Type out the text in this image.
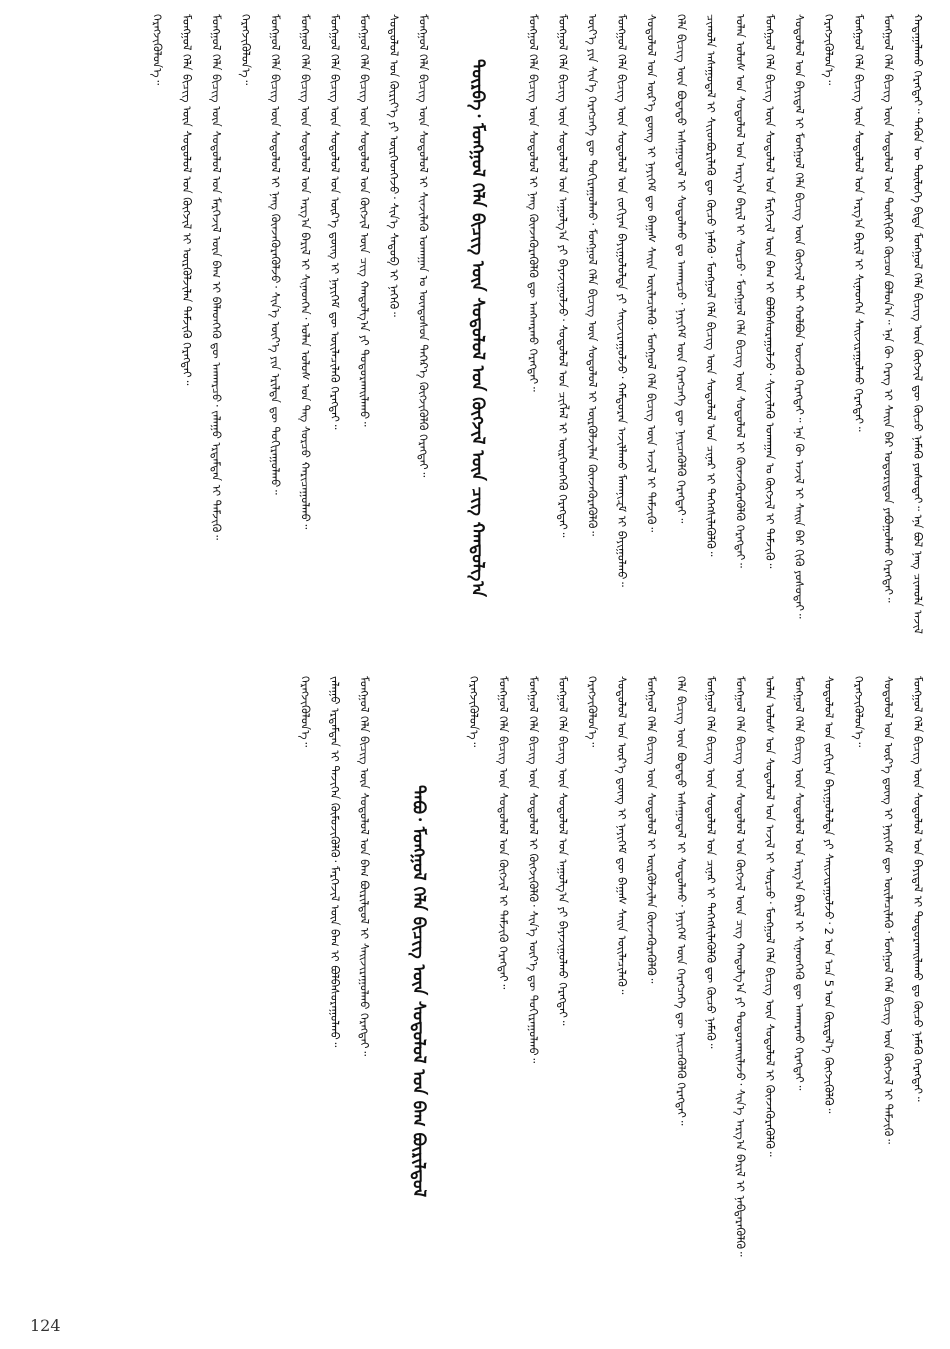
ᠬᠠᠳᠠᠭᠠᠯᠠᠬᠤ ᠬᠡᠷᠡᠭᠲᠡᠢ᠃ ᠲᠡᠭᠦᠨ ᠦ ᠲᠥᠯᠥᠭᠡ ᠪᠢᠳᠡ ᠮᠣᠩᠭᠣᠯ ᠬᠡᠯᠡ ᠪᠢᠴᠢᠭ ᠦᠨ ᠬᠥᠭᠵᠢᠯ ᠳᠦ ᠬᠦᠴᠦ ᠨᠡᠮᠡᠬᠦ ᠶᠣᠰᠣᠲᠠᠢ᠃ ᠡᠨᠡ ᠪᠣᠯ ᠨᠡᠩ ᠴᠢᠬᠤᠯᠠ ᠠᠵᠢᠯ
ᠮᠣᠩᠭᠣᠯ ᠬᠡᠯᠡ ᠪᠢᠴᠢᠭ ᠦᠨ ᠰᠤᠳᠤᠯᠤᠯ ᠤᠨ ᠲᠦᠯᠬᠢᠭᠦᠷ ᠬᠦᠴᠦᠨ ᠪᠣᠯᠤᠨ᠎ᠠ᠃ ᠡᠨᠡ ᠬᠦ ᠬᠡᠷᠡᠭ ᠢ ᠰᠠᠢᠨ ᠪᠡᠷ ᠤᠳᠤᠷᠢᠳᠤᠨ ᠶᠠᠪᠤᠭᠤᠯᠬᠤ ᠬᠡᠷᠡᠭᠲᠡᠢ᠃
ᠮᠣᠩᠭᠣᠯ ᠬᠡᠯᠡ ᠪᠢᠴᠢᠭ ᠦᠨ ᠰᠤᠳᠤᠯᠤᠯ ᠤᠨ ᠠᠷᠭ᠎ᠠ ᠪᠠᠷᠢᠯ ᠢ ᠰᠢᠨᠡᠳᠬᠡᠨ ᠰᠠᠢᠵᠢᠷᠠᠭᠤᠯᠬᠤ ᠬᠡᠷᠡᠭᠲᠡᠢ᠃
ᠬᠡᠷᠡᠭᠵᠢᠭᠦᠯᠦᠨ᠎ᠡ᠃
ᠰᠤᠳᠤᠯᠤᠯ ᠤᠨ ᠪᠠᠶᠢᠳᠠᠯ ᠢ ᠮᠣᠩᠭᠣᠯ ᠬᠡᠯᠡ ᠪᠢᠴᠢᠭ ᠦᠨ ᠬᠥᠭᠵᠢᠯ ᠲᠡᠢ ᠬᠣᠯᠪᠣᠨ ᠦᠵᠡᠬᠦ ᠬᠡᠷᠡᠭᠲᠡᠢ᠃ ᠡᠨᠡ ᠬᠦ ᠠᠵᠢᠯ ᠢ ᠰᠠᠢᠨ ᠪᠡᠷ ᠬᠢᠬᠦ ᠶᠣᠰᠣᠲᠠᠢ᠃
ᠮᠣᠩᠭᠣᠯ ᠬᠡᠯᠡ ᠪᠢᠴᠢᠭ ᠦᠨ ᠰᠤᠳᠤᠯᠤᠯ ᠤᠨ ᠮᠡᠷᠭᠡᠵᠢᠯ ᠦᠨ ᠪᠠᠭ ᠢ ᠪᠣᠯᠪᠠᠰᠤᠷᠠᠭᠤᠯᠵᠤ᠂ ᠰᠢᠨᠵᠢᠯᠡᠬᠦ ᠤᠬᠠᠭᠠᠨ ᠤ ᠬᠥᠭᠵᠢᠯ ᠢ ᠳᠡᠮᠵᠢᠬᠦ᠃
ᠣᠯᠠᠨ ᠤᠯᠤᠰ ᠤᠨ ᠰᠤᠳᠤᠯᠤᠯ ᠤᠨ ᠠᠷᠭ᠎ᠠ ᠪᠠᠷᠢᠯ ᠢ ᠰᠤᠷᠴᠤ᠂ ᠮᠣᠩᠭᠣᠯ ᠬᠡᠯᠡ ᠪᠢᠴᠢᠭ ᠦᠨ ᠰᠤᠳᠤᠯᠤᠯ ᠢ ᠭᠦᠨᠵᠡᠭᠦᠷᠡᠭᠦᠯᠬᠦ ᠬᠡᠷᠡᠭᠲᠡᠢ᠃
ᠴᠢᠬᠤᠯᠠ ᠠᠰᠠᠭᠤᠳᠠᠯ ᠢ ᠰᠢᠢᠳᠪᠦᠷᠢᠯᠡᠬᠦ ᠳᠦ ᠬᠦᠴᠦ ᠨᠡᠮᠡᠬᠦ᠂ ᠮᠣᠩᠭᠣᠯ ᠬᠡᠯᠡ ᠪᠢᠴᠢᠭ ᠦᠨ ᠰᠤᠳᠤᠯᠤᠯ ᠤᠨ ᠴᠢᠨᠠᠷ ᠢ ᠳᠡᠭᠡᠭᠰᠢᠯᠡᠭᠦᠯᠬᠦ᠃
ᠬᠡᠯᠡ ᠪᠢᠴᠢᠭ ᠦᠨ ᠪᠣᠳᠠᠲᠤ ᠠᠰᠠᠭᠤᠳᠠᠯ ᠢ ᠰᠤᠳᠤᠯᠬᠤ ᠳᠤ ᠠᠨᠬᠠᠷᠴᠤ᠂ ᠨᠡᠶᠢᠭᠡᠮ ᠦᠨ ᠬᠡᠷᠡᠭᠴᠡᠭᠡ ᠳᠦ ᠨᠡᠢᠴᠡᠭᠦᠯᠬᠦ ᠬᠡᠷᠡᠭᠲᠡᠢ᠃
ᠰᠤᠳᠤᠯᠤᠯ ᠤᠨ ᠦᠷ᠎ᠡ ᠳ᠋ᠦᠩ ᠢ ᠨᠡᠶᠢᠭᠡᠮ ᠳᠦ ᠪᠠᠭᠠᠰ ᠰᠠᠢᠨ ᠦᠢᠯᠡᠴᠢᠯᠡᠬᠦ᠂ ᠮᠣᠩᠭᠣᠯ ᠬᠡᠯᠡ ᠪᠢᠴᠢᠭ ᠦᠨ ᠠᠵᠢᠯ ᠢ ᠳᠡᠮᠵᠢᠬᠦ᠃
ᠮᠣᠩᠭᠣᠯ ᠬᠡᠯᠡ ᠪᠢᠴᠢᠭ ᠦᠨ ᠰᠤᠳᠤᠯᠤᠯ ᠤᠨ ᠵᠣᠬᠢᠶᠠᠨ ᠪᠠᠶᠢᠭᠤᠯᠤᠯᠲᠠ ᠶᠢ ᠰᠠᠢᠵᠢᠷᠠᠭᠤᠯᠵᠤ᠂ ᠬᠠᠮᠲᠤᠷᠠᠨ ᠠᠵᠢᠯᠯᠠᠬᠤ ᠮᠡᠬᠠᠨᠢᠽᠮ ᠢ ᠪᠠᠶᠢᠭᠤᠯᠬᠤ᠃
ᠦᠶ᠎ᠡ ᠶᠢᠨ ᠰᠢᠨ᠎ᠡ ᠬᠡᠷᠡᠭᠴᠡᠭᠡ ᠳᠦ ᠲᠣᠬᠢᠷᠠᠭᠤᠯᠬᠤ᠂ ᠮᠣᠩᠭᠣᠯ ᠬᠡᠯᠡ ᠪᠢᠴᠢᠭ ᠦᠨ ᠰᠤᠳᠤᠯᠤᠯ ᠢ ᠦᠷᠭᠦᠯᠵᠢᠯᠡᠨ ᠭᠦᠨᠵᠡᠭᠦᠷᠡᠭᠦᠯᠬᠦ᠃
ᠮᠣᠩᠭᠣᠯ ᠬᠡᠯᠡ ᠪᠢᠴᠢᠭ ᠦᠨ ᠰᠤᠳᠤᠯᠤᠯ ᠤᠨ ᠠᠭᠤᠯᠭ᠎ᠠ ᠶᠢ ᠪᠠᠶᠠᠵᠢᠭᠤᠯᠵᠤ᠂ ᠰᠤᠳᠤᠯᠤᠯ ᠤᠨ ᠴᠢᠭᠯᠡᠯ ᠢ ᠥᠷᠭᠡᠳᠬᠡᠬᠦ ᠬᠡᠷᠡᠭᠲᠡᠢ᠃
ᠮᠣᠩᠭᠣᠯ ᠬᠡᠯᠡ ᠪᠢᠴᠢᠭ ᠦᠨ ᠰᠤᠳᠤᠯᠤᠯ ᠢ ᠨᠡᠩ ᠭᠦᠨᠵᠡᠭᠦᠷᠡᠭᠦᠯᠬᠦ ᠳᠦ ᠠᠩᠬᠠᠷᠬᠤ ᠬᠡᠷᠡᠭᠲᠡᠢ᠃
ᠳᠥᠷᠪᠡ᠂ ᠮᠣᠩᠭᠣᠯ ᠬᠡᠯᠡ ᠪᠢᠴᠢᠭ ᠦᠨ ᠰᠤᠳᠤᠯᠤᠯ ᠤᠨ ᠬᠥᠭᠵᠢᠯ ᠦᠨ ᠴᠢᠭ ᠬᠠᠨᠳᠤᠯᠭ᠎ᠠ
ᠮᠣᠩᠭᠣᠯ ᠬᠡᠯᠡ ᠪᠢᠴᠢᠭ ᠦᠨ ᠰᠤᠳᠤᠯᠤᠯ ᠢ ᠰᠢᠨᠵᠢᠯᠡᠬᠦ ᠤᠬᠠᠭᠠᠨ ᠤ ᠦᠨᠳᠦᠰᠦᠨ ᠳᠡᠭᠡᠷ᠎ᠡ ᠬᠥᠭᠵᠢᠭᠦᠯᠬᠦ ᠬᠡᠷᠡᠭᠲᠡᠢ᠃
ᠰᠤᠳᠤᠯᠤᠯ ᠤᠨ ᠬᠦᠷᠢᠶ᠎ᠡ ᠶᠢ ᠥᠷᠭᠡᠳᠬᠡᠵᠦ᠂ ᠰᠢᠨ᠎ᠡ ᠰᠡᠳᠦᠪ ᠢ ᠨᠡᠭᠡᠬᠦ᠃
ᠮᠣᠩᠭᠣᠯ ᠬᠡᠯᠡ ᠪᠢᠴᠢᠭ ᠦᠨ ᠰᠤᠳᠤᠯᠤᠯ ᠤᠨ ᠬᠥᠭᠵᠢᠯ ᠦᠨ ᠴᠢᠭ ᠬᠠᠨᠳᠤᠯᠭ᠎ᠠ ᠶᠢ ᠲᠣᠳᠤᠷᠬᠠᠢᠯᠠᠬᠤ᠃
ᠮᠣᠩᠭᠣᠯ ᠬᠡᠯᠡ ᠪᠢᠴᠢᠭ ᠦᠨ ᠰᠤᠳᠤᠯᠤᠯ ᠤᠨ ᠦᠷ᠎ᠡ ᠳ᠋ᠦᠩ ᠢ ᠨᠡᠶᠢᠭᠡᠮ ᠳᠦ ᠦᠢᠯᠡᠴᠢᠯᠡᠬᠦ ᠬᠡᠷᠡᠭᠲᠡᠢ᠃
ᠮᠣᠩᠭᠣᠯ ᠬᠡᠯᠡ ᠪᠢᠴᠢᠭ ᠦᠨ ᠰᠤᠳᠤᠯᠤᠯ ᠤᠨ ᠠᠷᠭ᠎ᠠ ᠪᠠᠷᠢᠯ ᠢ ᠰᠢᠨᠡᠳᠬᠡᠨ᠂ ᠣᠯᠠᠨ ᠤᠯᠤᠰ ᠤᠨ ᠲᠩ ᠰᠤᠷᠴᠤ ᠬᠠᠷᠢᠴᠠᠭᠤᠯᠬᠤ᠃
ᠮᠣᠩᠭᠣᠯ ᠬᠡᠯᠡ ᠪᠢᠴᠢᠭ ᠦᠨ ᠰᠤᠳᠤᠯᠤᠯ ᠢ ᠨᠡᠩ ᠭᠦᠨᠵᠡᠭᠦᠷᠡᠭᠦᠯᠵᠦ᠂ ᠰᠢᠨ᠎ᠡ ᠦᠶ᠎ᠡ ᠶᠢᠨ ᠡᠷᠢᠯᠲᠡ ᠳᠦ ᠲᠣᠬᠢᠷᠠᠭᠤᠯᠬᠤ᠃
ᠬᠡᠷᠡᠭᠵᠢᠭᠦᠯᠦᠨ᠎ᠡ᠃
ᠮᠣᠩᠭᠣᠯ ᠬᠡᠯᠡ ᠪᠢᠴᠢᠭ ᠦᠨ ᠰᠤᠳᠤᠯᠤᠯ ᠤᠨ ᠮᠡᠷᠭᠡᠵᠢᠯ ᠦᠨ ᠪᠠᠭ ᠢ ᠪᠡᠯᠡᠳᠬᠡᠬᠦ ᠳᠦ ᠠᠨᠬᠠᠷᠴᠤ᠂ ᠵᠠᠯᠠᠭᠤ ᠡᠷᠳᠡᠮᠲᠡᠨ ᠢ ᠳᠡᠮᠵᠢᠬᠦ᠃
ᠮᠣᠩᠭᠣᠯ ᠬᠡᠯᠡ ᠪᠢᠴᠢᠭ ᠦᠨ ᠰᠤᠳᠤᠯᠤᠯ ᠤᠨ ᠬᠥᠭᠵᠢᠯ ᠢ ᠦᠷᠭᠦᠯᠵᠢᠯᠡᠨ ᠳᠡᠮᠵᠢᠬᠦ ᠬᠡᠷᠡᠭᠲᠡᠢ᠃
ᠬᠡᠷᠡᠭᠵᠢᠭᠦᠯᠦᠨ᠎ᠡ᠃
ᠮᠣᠩᠭᠣᠯ ᠬᠡᠯᠡ ᠪᠢᠴᠢᠭ ᠦᠨ ᠰᠤᠳᠤᠯᠤᠯ ᠤᠨ ᠪᠠᠶᠢᠳᠠᠯ ᠢ ᠲᠣᠳᠤᠷᠬᠠᠢᠯᠠᠬᠤ ᠳᠤ ᠬᠦᠴᠦ ᠨᠡᠮᠡᠬᠦ ᠬᠡᠷᠡᠭᠲᠡᠢ᠃
ᠰᠤᠳᠤᠯᠤᠯ ᠤᠨ ᠦᠷ᠎ᠡ ᠳ᠋ᠦᠩ ᠢ ᠨᠡᠶᠢᠭᠡᠮ ᠳᠦ ᠦᠢᠯᠡᠴᠢᠯᠡᠬᠦ᠂ ᠮᠣᠩᠭᠣᠯ ᠬᠡᠯᠡ ᠪᠢᠴᠢᠭ ᠦᠨ ᠬᠥᠭᠵᠢᠯ ᠢ ᠳᠡᠮᠵᠢᠬᠦ᠃
ᠬᠡᠷᠡᠭᠵᠢᠭᠦᠯᠦᠨ᠎ᠡ᠃
ᠰᠤᠳᠤᠯᠤᠯ ᠤᠨ ᠵᠣᠬᠢᠶᠠᠨ ᠪᠠᠶᠢᠭᠤᠯᠤᠯᠲᠠ ᠶᠢ ᠰᠠᠢᠵᠢᠷᠠᠭᠤᠯᠵᠤ᠂ 2 ᠤᠨ ᠡᠴᠡ 5 ᠤᠨ ᠬᠦᠷᠲᠡᠯ᠎ᠡ ᠬᠥᠭᠵᠢᠭᠦᠯᠬᠦ᠃
ᠮᠣᠩᠭᠣᠯ ᠬᠡᠯᠡ ᠪᠢᠴᠢᠭ ᠦᠨ ᠰᠤᠳᠤᠯᠤᠯ ᠤᠨ ᠠᠷᠭ᠎ᠠ ᠪᠠᠷᠢᠯ ᠢ ᠰᠢᠨᠡᠳᠬᠡᠬᠦ ᠳᠦ ᠠᠨᠬᠠᠷᠬᠤ ᠬᠡᠷᠡᠭᠲᠡᠢ᠃
ᠣᠯᠠᠨ ᠤᠯᠤᠰ ᠤᠨ ᠰᠤᠳᠤᠯᠤᠯ ᠤᠨ ᠠᠵᠢᠯ ᠢ ᠰᠤᠷᠴᠤ᠂ ᠮᠣᠩᠭᠣᠯ ᠬᠡᠯᠡ ᠪᠢᠴᠢᠭ ᠦᠨ ᠰᠤᠳᠤᠯᠤᠯ ᠢ ᠭᠦᠨᠵᠡᠭᠦᠷᠡᠭᠦᠯᠬᠦ᠃
ᠮᠣᠩᠭᠣᠯ ᠬᠡᠯᠡ ᠪᠢᠴᠢᠭ ᠦᠨ ᠰᠤᠳᠤᠯᠤᠯ ᠤᠨ ᠬᠥᠭᠵᠢᠯ ᠦᠨ ᠴᠢᠭ ᠬᠠᠨᠳᠤᠯᠭ᠎ᠠ ᠶᠢ ᠲᠣᠳᠤᠷᠬᠠᠢᠯᠠᠵᠤ᠂ ᠰᠢᠨ᠎ᠡ ᠠᠷᠭ᠎ᠠ ᠪᠠᠷᠢᠯ ᠢ ᠨᠡᠪᠲᠡᠷᠡᠭᠦᠯᠬᠦ᠃
ᠮᠣᠩᠭᠣᠯ ᠬᠡᠯᠡ ᠪᠢᠴᠢᠭ ᠦᠨ ᠰᠤᠳᠤᠯᠤᠯ ᠤᠨ ᠴᠢᠨᠠᠷ ᠢ ᠳᠡᠭᠡᠭᠰᠢᠯᠡᠭᠦᠯᠬᠦ ᠳᠦ ᠬᠦᠴᠦ ᠨᠡᠮᠡᠬᠦ᠃
ᠬᠡᠯᠡ ᠪᠢᠴᠢᠭ ᠦᠨ ᠪᠣᠳᠠᠲᠤ ᠠᠰᠠᠭᠤᠳᠠᠯ ᠢ ᠰᠤᠳᠤᠯᠬᠤ᠂ ᠨᠡᠶᠢᠭᠡᠮ ᠦᠨ ᠬᠡᠷᠡᠭᠴᠡᠭᠡ ᠳᠦ ᠨᠡᠢᠴᠡᠭᠦᠯᠬᠦ ᠬᠡᠷᠡᠭᠲᠡᠢ᠃
ᠮᠣᠩᠭᠣᠯ ᠬᠡᠯᠡ ᠪᠢᠴᠢᠭ ᠦᠨ ᠰᠤᠳᠤᠯᠤᠯ ᠢ ᠦᠷᠭᠦᠯᠵᠢᠯᠡᠨ ᠭᠦᠨᠵᠡᠭᠦᠷᠡᠭᠦᠯᠬᠦ᠃
ᠰᠤᠳᠤᠯᠤᠯ ᠤᠨ ᠦᠷ᠎ᠡ ᠳ᠋ᠦᠩ ᠢ ᠨᠡᠶᠢᠭᠡᠮ ᠳᠦ ᠪᠠᠭᠠᠰ ᠰᠠᠢᠨ ᠦᠢᠯᠡᠴᠢᠯᠡᠬᠦ᠃
ᠬᠡᠷᠡᠭᠵᠢᠭᠦᠯᠦᠨ᠎ᠡ᠃
ᠮᠣᠩᠭᠣᠯ ᠬᠡᠯᠡ ᠪᠢᠴᠢᠭ ᠦᠨ ᠰᠤᠳᠤᠯᠤᠯ ᠤᠨ ᠠᠭᠤᠯᠭ᠎ᠠ ᠶᠢ ᠪᠠᠶᠠᠵᠢᠭᠤᠯᠬᠤ ᠬᠡᠷᠡᠭᠲᠡᠢ᠃
ᠮᠣᠩᠭᠣᠯ ᠬᠡᠯᠡ ᠪᠢᠴᠢᠭ ᠦᠨ ᠰᠤᠳᠤᠯᠤᠯ ᠢ ᠬᠥᠭᠵᠢᠭᠦᠯᠬᠦ᠂ ᠰᠢᠨ᠎ᠡ ᠦᠶ᠎ᠡ ᠳᠦ ᠲᠣᠬᠢᠷᠠᠭᠤᠯᠬᠤ᠃
ᠮᠣᠩᠭᠣᠯ ᠬᠡᠯᠡ ᠪᠢᠴᠢᠭ ᠦᠨ ᠰᠤᠳᠤᠯᠤᠯ ᠤᠨ ᠬᠥᠭᠵᠢᠯ ᠢ ᠳᠡᠮᠵᠢᠬᠦ ᠬᠡᠷᠡᠭᠲᠡᠢ᠃
ᠬᠡᠷᠡᠭᠵᠢᠭᠦᠯᠦᠨ᠎ᠡ᠃
ᠲᠠᠪᠤ᠂ ᠮᠣᠩᠭᠣᠯ ᠬᠡᠯᠡ ᠪᠢᠴᠢᠭ ᠦᠨ ᠰᠤᠳᠤᠯᠤᠯ ᠤᠨ ᠪᠠᠭ ᠪᠦᠷᠢᠯᠳᠦᠯ
ᠮᠣᠩᠭᠣᠯ ᠬᠡᠯᠡ ᠪᠢᠴᠢᠭ ᠦᠨ ᠰᠤᠳᠤᠯᠤᠯ ᠤᠨ ᠪᠠᠭ ᠪᠦᠷᠢᠯᠳᠦᠯ ᠢ ᠰᠠᠢᠵᠢᠷᠠᠭᠤᠯᠬᠤ ᠬᠡᠷᠡᠭᠲᠡᠢ᠃
ᠵᠠᠯᠠᠭᠤ ᠡᠷᠳᠡᠮᠲᠡᠨ ᠢ ᠲᠡᠵᠢᠭᠡᠨ ᠬᠥᠮᠦᠵᠢᠭᠦᠯᠬᠦ᠂ ᠮᠡᠷᠭᠡᠵᠢᠯ ᠦᠨ ᠪᠠᠭ ᠢ ᠪᠣᠯᠪᠠᠰᠤᠷᠠᠭᠤᠯᠬᠤ᠃
ᠬᠡᠷᠡᠭᠵᠢᠭᠦᠯᠦᠨ᠎ᠡ᠃
124
